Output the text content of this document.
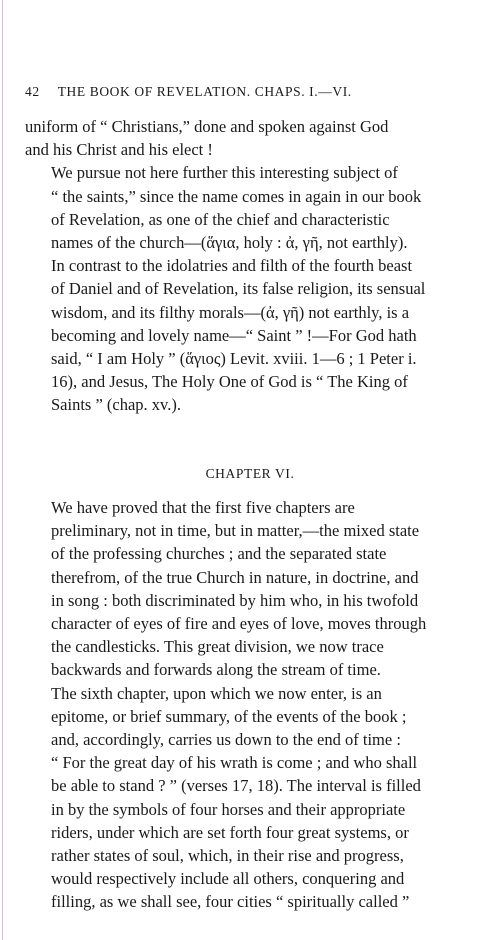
42 THE BOOK OF REVELATION. CHAPS. I.—VI.

uniform of “ Christians,” done and spoken against God
and his Christ and his elect !

We pursue not here further this interesting subject of
“ the saints,” since the name comes in again in our book
of Revelation, as one of the chief and characteristic
names of the church—(ἅγια, holy : ἀ, γῆ, not earthly).
In contrast to the idolatries and filth of the fourth beast
of Daniel and of Revelation, its false religion, its sensual
wisdom, and its filthy morals—(ἀ, γῆ) not earthly, is a
becoming and lovely name—“ Saint ” !—For God hath
said, “ I am Holy ” (ἅγιος) Levit. xviii. 1—6 ; 1 Peter i.
16), and Jesus, The Holy One of God is “ The King of
Saints ” (chap. xv.).

CHAPTER VI.

We have proved that the first five chapters are
preliminary, not in time, but in matter,—the mixed state
of the professing churches ; and the separated state
therefrom, of the true Church in nature, in doctrine, and
in song : both discriminated by him who, in his twofold
character of eyes of fire and eyes of love, moves through
the candlesticks. This great division, we now trace
backwards and forwards along the stream of time.

The sixth chapter, upon which we now enter, is an
epitome, or brief summary, of the events of the book ;
and, accordingly, carries us down to the end of time :
“ For the great day of his wrath is come ; and who shall
be able to stand ? ” (verses 17, 18). The interval is filled
in by the symbols of four horses and their appropriate
riders, under which are set forth four great systems, or
rather states of soul, which, in their rise and progress,
would respectively include all others, conquering and
filling, as we shall see, four cities “ spiritually called ”
